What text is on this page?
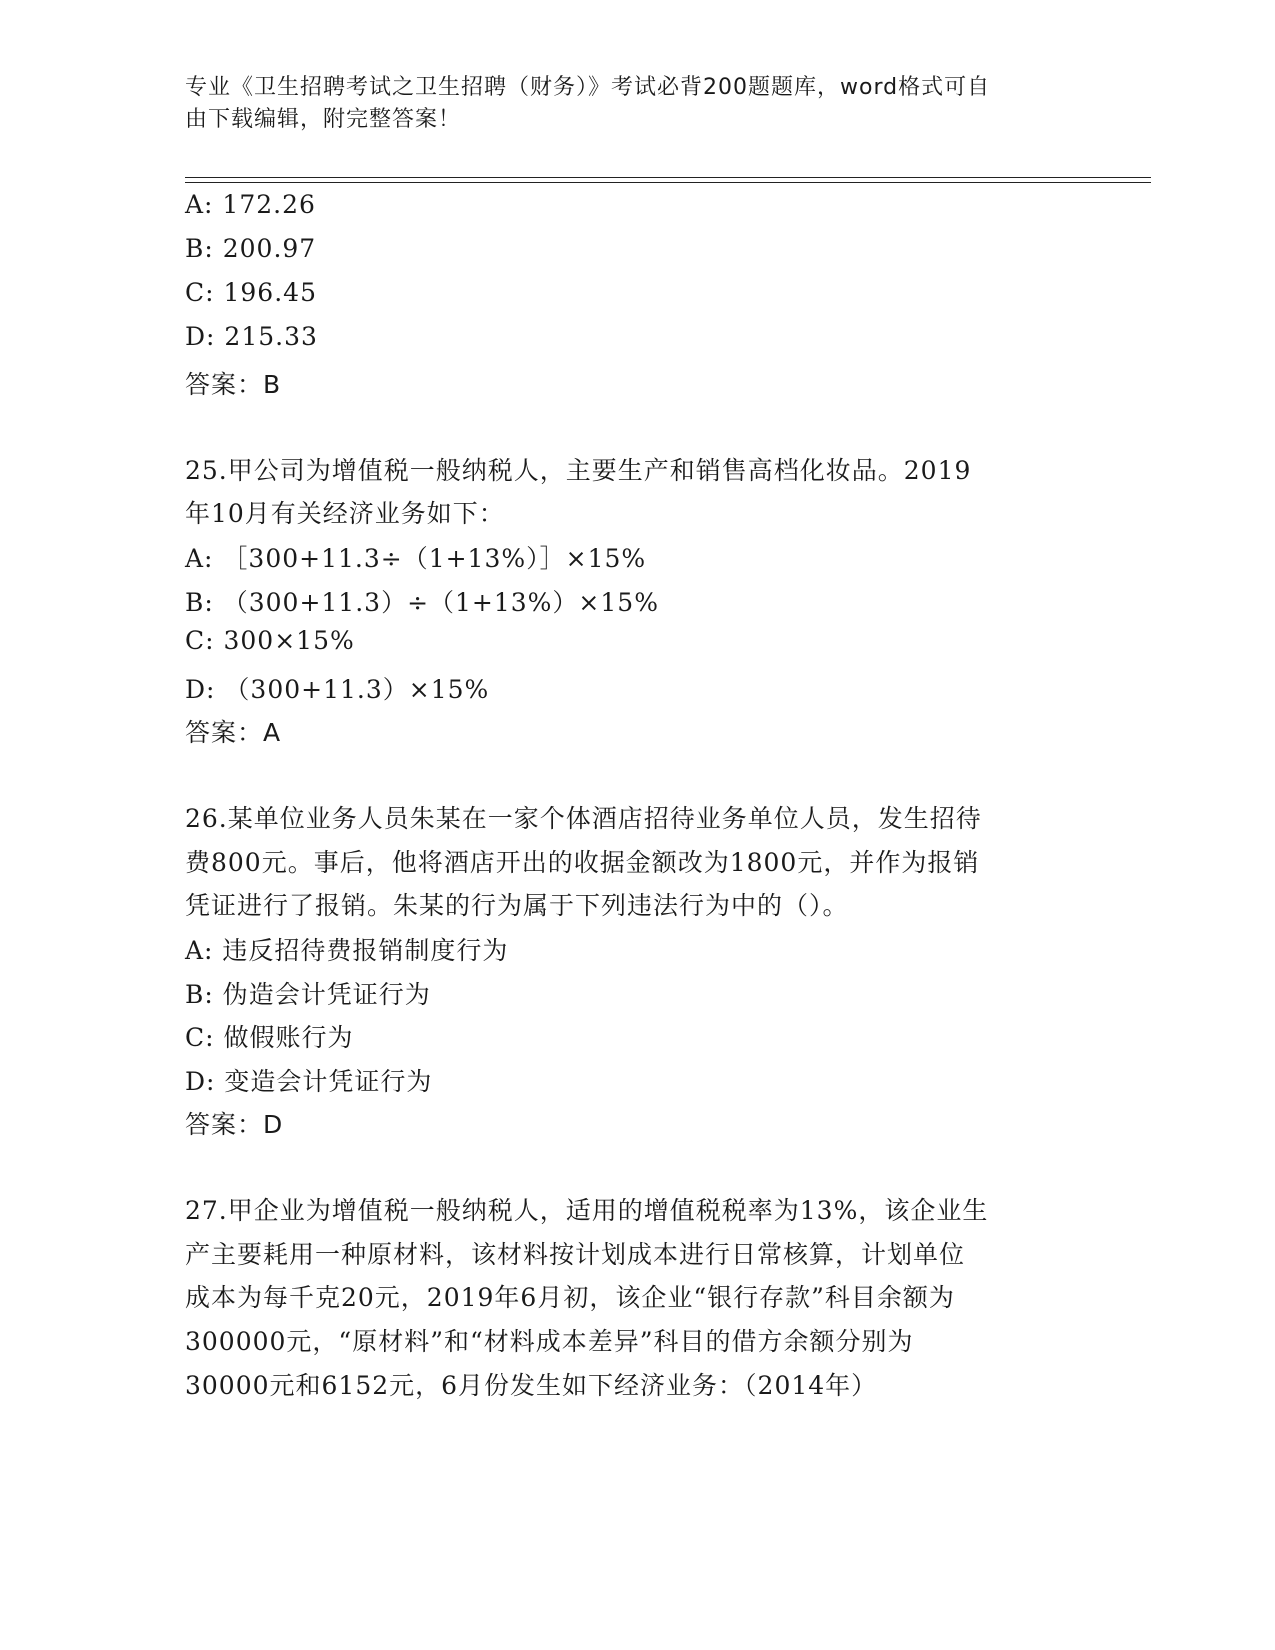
专业《卫生招聘考试之卫生招聘（财务）》考试必背200题题库，word格式可自
由下载编辑，附完整答案！
A: 172.26
B: 200.97
C: 196.45
D: 215.33
答案：B
25.甲公司为增值税一般纳税人，主要生产和销售高档化妆品。2019
年10月有关经济业务如下：
A: ［300+11.3÷（1+13%）］×15%
B: （300+11.3）÷（1+13%）×15%
C: 300×15%
D: （300+11.3）×15%
答案：A
26.某单位业务人员朱某在一家个体酒店招待业务单位人员，发生招待
费800元。事后，他将酒店开出的收据金额改为1800元，并作为报销
凭证进行了报销。朱某的行为属于下列违法行为中的（）。
A: 违反招待费报销制度行为
B: 伪造会计凭证行为
C: 做假账行为
D: 变造会计凭证行为
答案：D
27.甲企业为增值税一般纳税人，适用的增值税税率为13%，该企业生
产主要耗用一种原材料，该材料按计划成本进行日常核算，计划单位
成本为每千克20元，2019年6月初，该企业“银行存款”科目余额为
300000元，“原材料”和“材料成本差异”科目的借方余额分别为
30000元和6152元，6月份发生如下经济业务：（2014年）
